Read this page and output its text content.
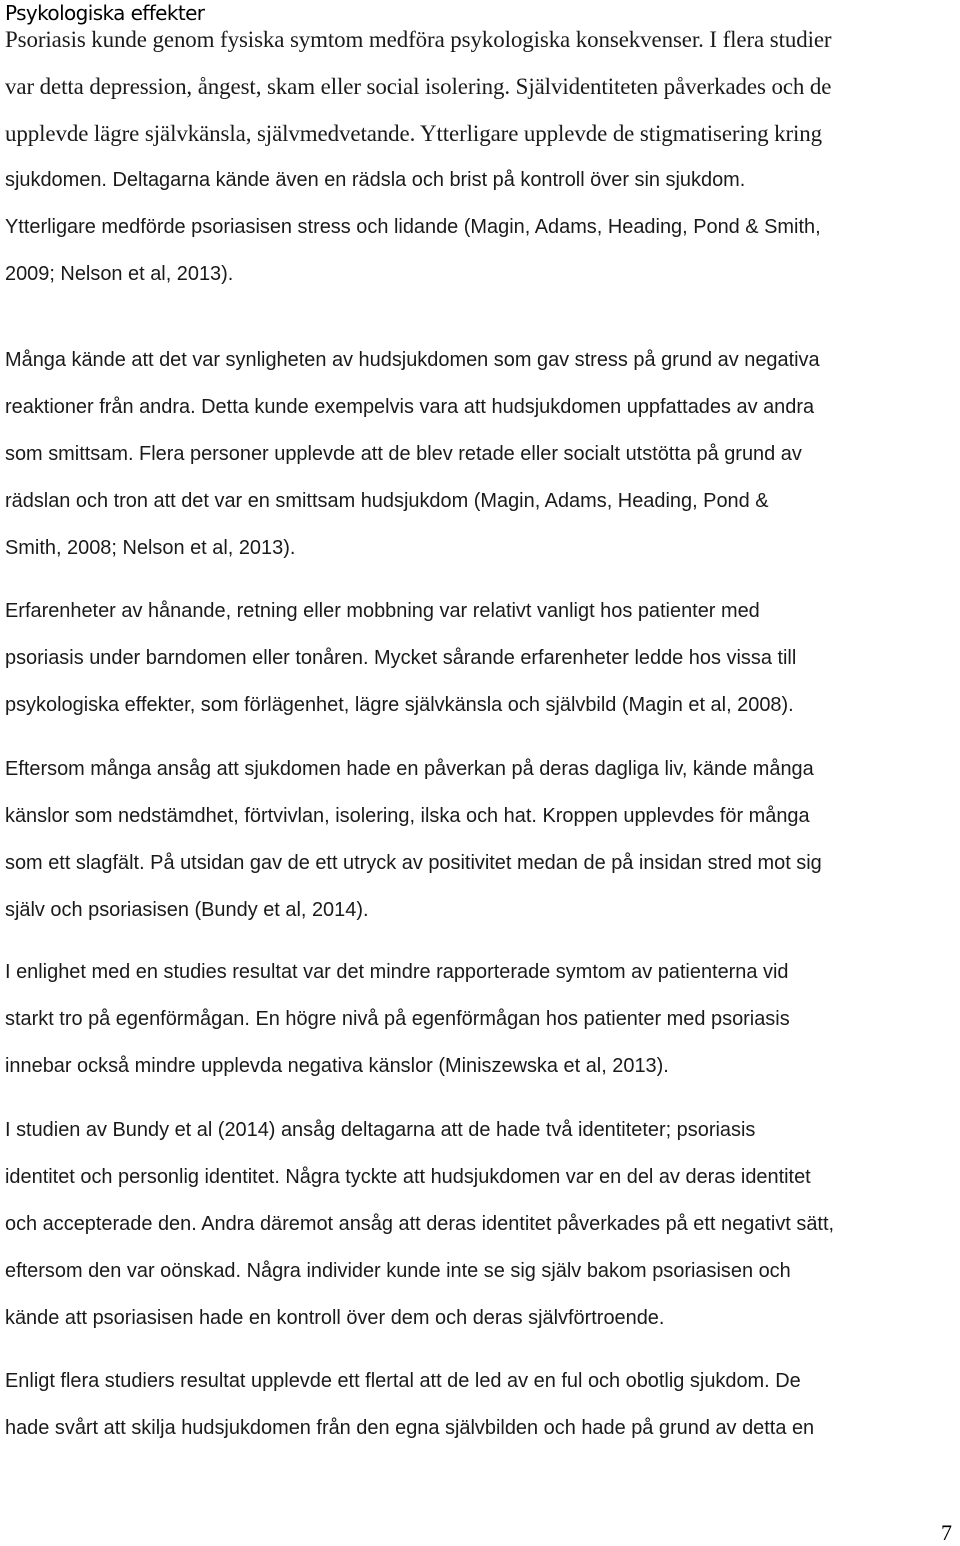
Psykologiska effekter

Psoriasis kunde genom fysiska symtom medföra psykologiska konsekvenser. I flera studier
var detta depression, ångest, skam eller social isolering. Självidentiteten påverkades och de
upplevde lägre självkänsla, självmedvetande. Ytterligare upplevde de stigmatisering kring
sjukdomen. Deltagarna kände även en rädsla och brist på kontroll över sin sjukdom.
Ytterligare medförde psoriasisen stress och lidande (Magin, Adams, Heading, Pond & Smith,
2009; Nelson et al, 2013).

Många kände att det var synligheten av hudsjukdomen som gav stress på grund av negativa
reaktioner från andra. Detta kunde exempelvis vara att hudsjukdomen uppfattades av andra
som smittsam. Flera personer upplevde att de blev retade eller socialt utstötta på grund av
rädslan och tron att det var en smittsam hudsjukdom (Magin, Adams, Heading, Pond &
Smith, 2008; Nelson et al, 2013).

Erfarenheter av hånande, retning eller mobbning var relativt vanligt hos patienter med
psoriasis under barndomen eller tonåren. Mycket sårande erfarenheter ledde hos vissa till
psykologiska effekter, som förlägenhet, lägre självkänsla och självbild (Magin et al, 2008).

Eftersom många ansåg att sjukdomen hade en påverkan på deras dagliga liv, kände många
känslor som nedstämdhet, förtvivlan, isolering, ilska och hat. Kroppen upplevdes för många
som ett slagfält. På utsidan gav de ett utryck av positivitet medan de på insidan stred mot sig
själv och psoriasisen (Bundy et al, 2014).

I enlighet med en studies resultat var det mindre rapporterade symtom av patienterna vid
starkt tro på egenförmågan. En högre nivå på egenförmågan hos patienter med psoriasis
innebar också mindre upplevda negativa känslor (Miniszewska et al, 2013).

I studien av Bundy et al (2014) ansåg deltagarna att de hade två identiteter; psoriasis
identitet och personlig identitet. Några tyckte att hudsjukdomen var en del av deras identitet
och accepterade den. Andra däremot ansåg att deras identitet påverkades på ett negativt sätt,
eftersom den var oönskad. Några individer kunde inte se sig själv bakom psoriasisen och
kände att psoriasisen hade en kontroll över dem och deras självförtroende.

Enligt flera studiers resultat upplevde ett flertal att de led av en ful och obotlig sjukdom. De
hade svårt att skilja hudsjukdomen från den egna självbilden och hade på grund av detta en

7
